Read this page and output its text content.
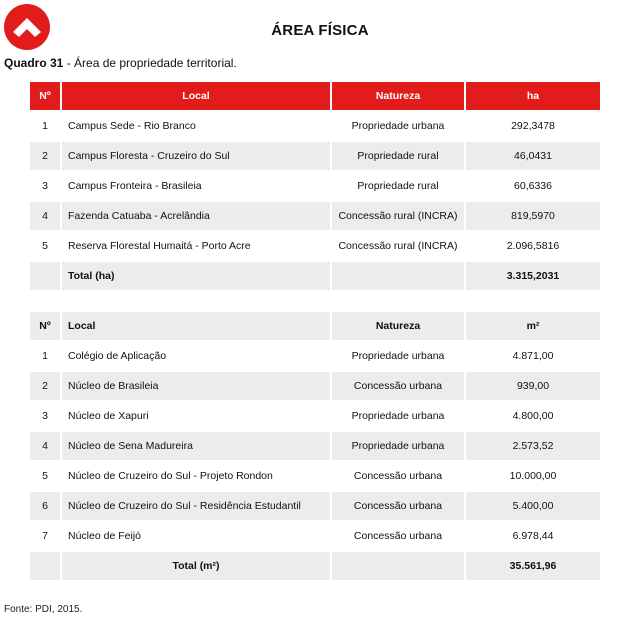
ÁREA FÍSICA
Quadro 31 - Área de propriedade territorial.
Nº	Local	Natureza	ha
1	Campus Sede - Rio Branco	Propriedade urbana	292,3478
2	Campus Floresta - Cruzeiro do Sul	Propriedade rural	46,0431
3	Campus Fronteira - Brasileia	Propriedade rural	60,6336
4	Fazenda Catuaba - Acrelândia	Concessão rural (INCRA)	819,5970
5	Reserva Florestal Humaitá - Porto Acre	Concessão rural (INCRA)	2.096,5816
	Total (ha)		3.315,2031
Nº	Local	Natureza	m²
1	Colégio de Aplicação	Propriedade urbana	4.871,00
2	Núcleo de Brasileia	Concessão urbana	939,00
3	Núcleo de Xapuri	Propriedade urbana	4.800,00
4	Núcleo de Sena Madureira	Propriedade urbana	2.573,52
5	Núcleo de Cruzeiro do Sul - Projeto Rondon	Concessão urbana	10.000,00
6	Núcleo de Cruzeiro do Sul - Residência Estudantil	Concessão urbana	5.400,00
7	Núcleo de Feijó	Concessão urbana	6.978,44
	Total (m²)		35.561,96
Fonte: PDI, 2015.
